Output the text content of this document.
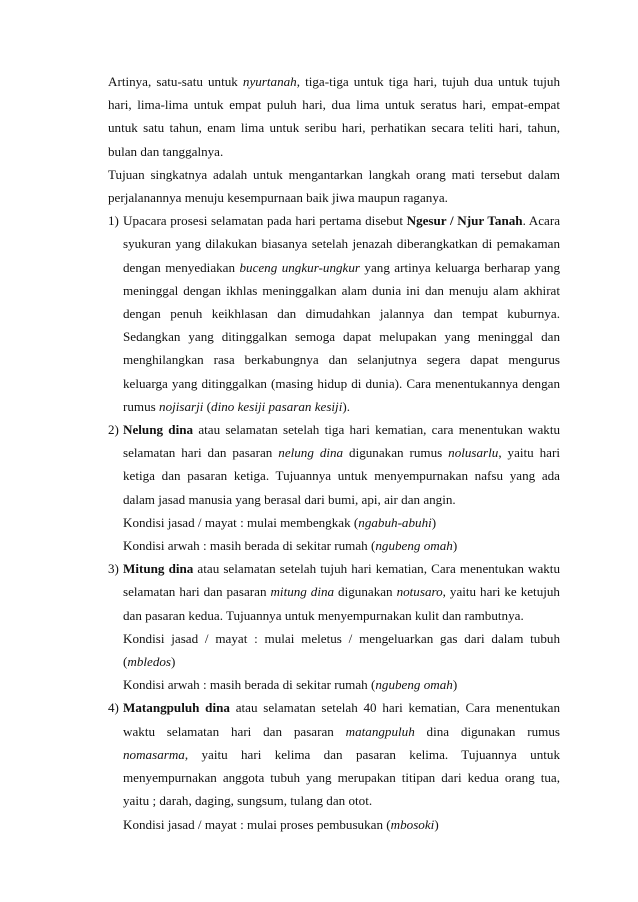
Artinya, satu-satu untuk nyurtanah, tiga-tiga untuk tiga hari, tujuh dua untuk tujuh hari, lima-lima untuk empat puluh hari, dua lima untuk seratus hari, empat-empat untuk satu tahun, enam lima untuk seribu hari, perhatikan secara teliti hari, tahun, bulan dan tanggalnya.

Tujuan singkatnya adalah untuk mengantarkan langkah orang mati tersebut dalam perjalanannya menuju kesempurnaan baik jiwa maupun raganya.

1) Upacara prosesi selamatan pada hari pertama disebut Ngesur / Njur Tanah. Acara syukuran yang dilakukan biasanya setelah jenazah diberangkatkan di pemakaman dengan menyediakan buceng ungkur-ungkur yang artinya keluarga berharap yang meninggal dengan ikhlas meninggalkan alam dunia ini dan menuju alam akhirat dengan penuh keikhlasan dan dimudahkan jalannya dan tempat kuburnya. Sedangkan yang ditinggalkan semoga dapat melupakan yang meninggal dan menghilangkan rasa berkabungnya dan selanjutnya segera dapat mengurus keluarga yang ditinggalkan (masing hidup di dunia). Cara menentukannya dengan rumus nojisarji (dino kesiji pasaran kesiji).

2) Nelung dina atau selamatan setelah tiga hari kematian, cara menentukan waktu selamatan hari dan pasaran nelung dina digunakan rumus nolusarlu, yaitu hari ketiga dan pasaran ketiga. Tujuannya untuk menyempurnakan nafsu yang ada dalam jasad manusia yang berasal dari bumi, api, air dan angin.

Kondisi jasad / mayat : mulai membengkak (ngabuh-abuhi)

Kondisi arwah : masih berada di sekitar rumah (ngubeng omah)

3) Mitung dina atau selamatan setelah tujuh hari kematian, Cara menentukan waktu selamatan hari dan pasaran mitung dina digunakan notusaro, yaitu hari ke ketujuh dan pasaran kedua. Tujuannya untuk menyempurnakan kulit dan rambutnya.

Kondisi jasad / mayat : mulai meletus / mengeluarkan gas dari dalam tubuh (mbledos)

Kondisi arwah : masih berada di sekitar rumah (ngubeng omah)

4) Matangpuluh dina atau selamatan setelah 40 hari kematian, Cara menentukan waktu selamatan hari dan pasaran matangpuluh dina digunakan rumus nomasarma, yaitu hari kelima dan pasaran kelima. Tujuannya untuk menyempurnakan anggota tubuh yang merupakan titipan dari kedua orang tua, yaitu ; darah, daging, sungsum, tulang dan otot.

Kondisi jasad / mayat : mulai proses pembusukan (mbosoki)
